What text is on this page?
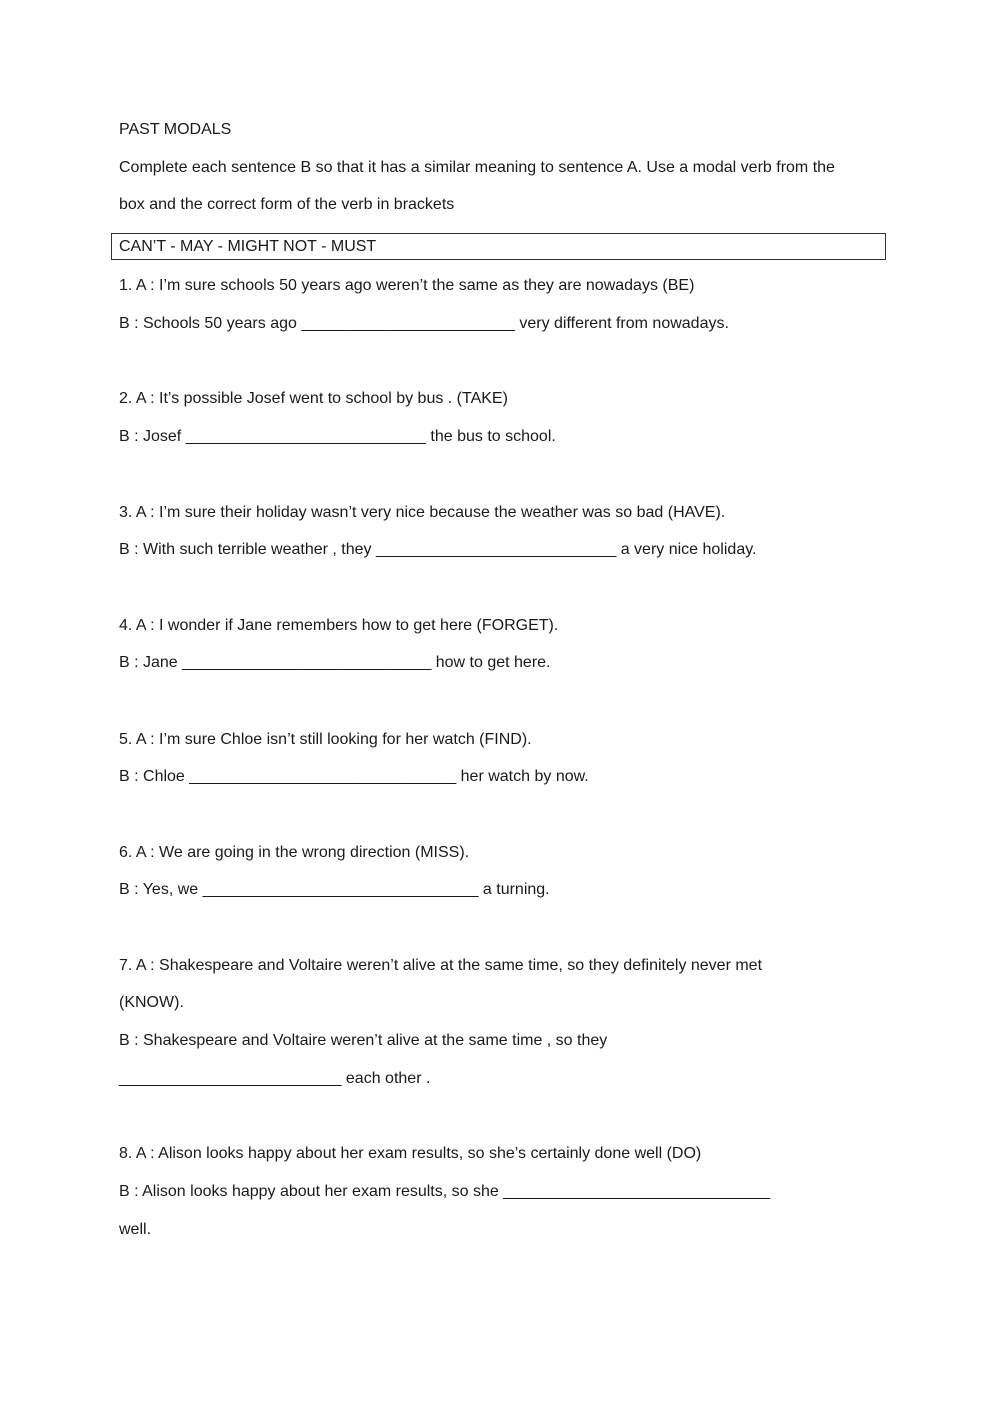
PAST MODALS
Complete each sentence B so that it has a similar meaning to sentence A. Use a modal verb from the
box and the correct form of the verb in brackets
CAN’T - MAY - MIGHT NOT - MUST
1. A : I’m sure schools 50 years ago weren’t the same as they are nowadays (BE)
B : Schools 50 years ago ________________________ very different from nowadays.
2. A : It’s possible Josef went to school by bus . (TAKE)
B : Josef ___________________________ the bus to school.
3. A : I’m sure their holiday wasn’t very nice because the weather was so bad (HAVE).
B : With such terrible weather , they ___________________________ a very nice holiday.
4. A : I wonder if Jane remembers how to get here (FORGET).
B : Jane ____________________________ how to get here.
5. A : I’m sure Chloe isn’t still looking for her watch (FIND).
B : Chloe ______________________________ her watch by now.
6. A : We are going in the wrong direction (MISS).
B : Yes, we _______________________________ a turning.
7. A : Shakespeare and Voltaire weren’t alive at the same time, so they definitely never met
(KNOW).
B : Shakespeare and Voltaire weren’t alive at the same time , so they
_________________________ each other .
8. A : Alison looks happy about her exam results, so she’s certainly done well (DO)
B : Alison looks happy about her exam results, so she ______________________________
well.
